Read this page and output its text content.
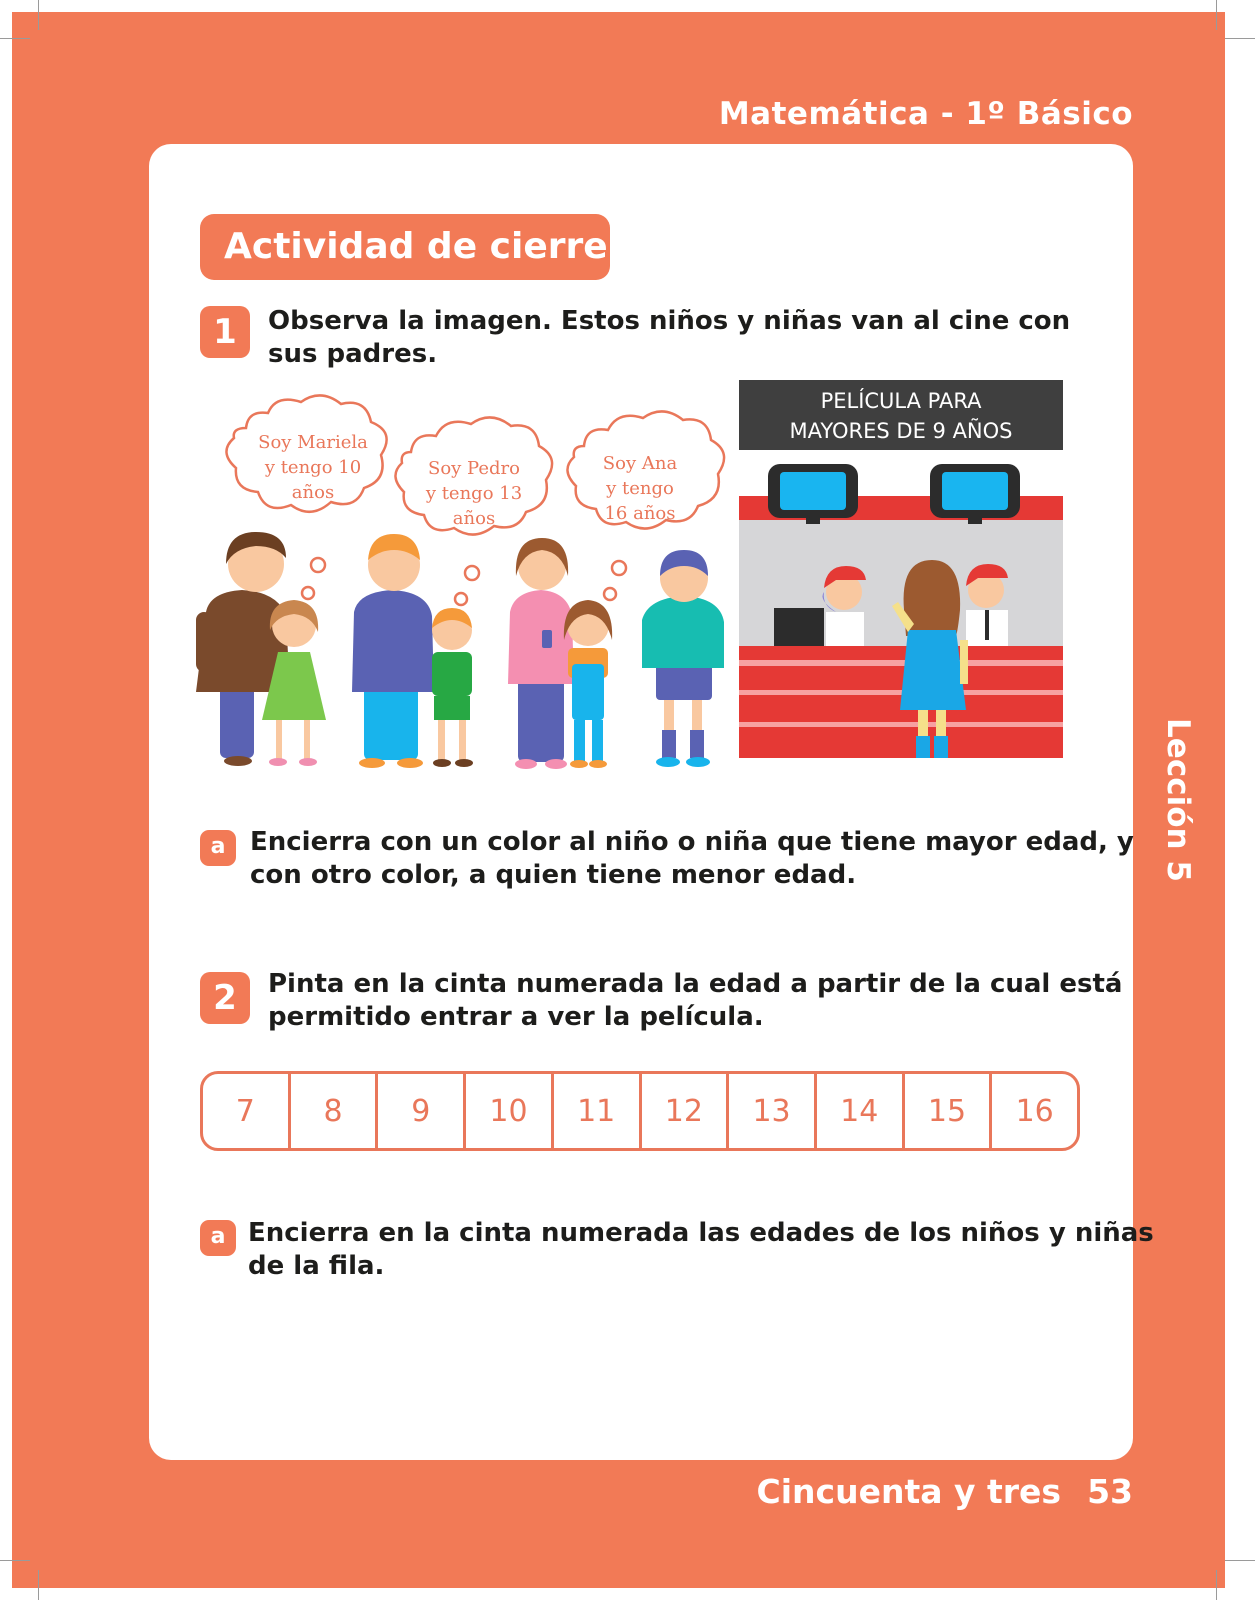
Matemática - 1º Básico
Actividad de cierre
1	Observa la imagen. Estos niños y niñas van al cine con
sus padres.
Soy Mariela
y tengo 10
años
Soy Pedro
y tengo 13
años
Soy Ana
y tengo
16 años
PELÍCULA PARA
MAYORES DE 9 AÑOS
a Encierra con un color al niño o niña que tiene mayor edad, y
con otro color, a quien tiene menor edad.
2	Pinta en la cinta numerada la edad a partir de la cual está
permitido entrar a ver la película.
7	8	9	10	11	12	13	14	15	16
a Encierra en la cinta numerada las edades de los niños y niñas
de la fila.
Lección 5
Cincuenta y tres 53
